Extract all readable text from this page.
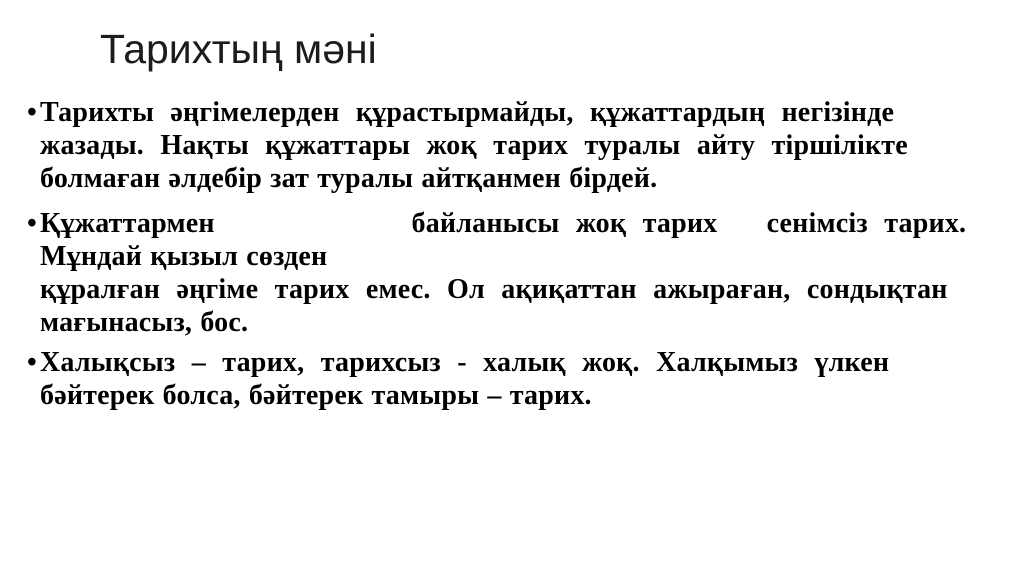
Тарихтың мәні
• Тарихты  әңгімелерден  құрастырмайды,  құжаттардың  негізінде
жазады.  Нақты  құжаттары  жоқ  тарих  туралы  айту  тіршілікте
болмаған әлдебір зат туралы айтқанмен бірдей.
• Құжаттармен                        байланысы  жоқ  тарих      сенімсіз  тарих.
Мұндай қызыл сөзден
құралған  әңгіме  тарих  емес.  Ол  ақиқаттан  ажыраған,  сондықтан
мағынасыз, бос.
• Халықсыз  –  тарих,  тарихсыз  -  халық  жоқ.  Халқымыз  үлкен
бәйтерек болса, бәйтерек тамыры – тарих.
